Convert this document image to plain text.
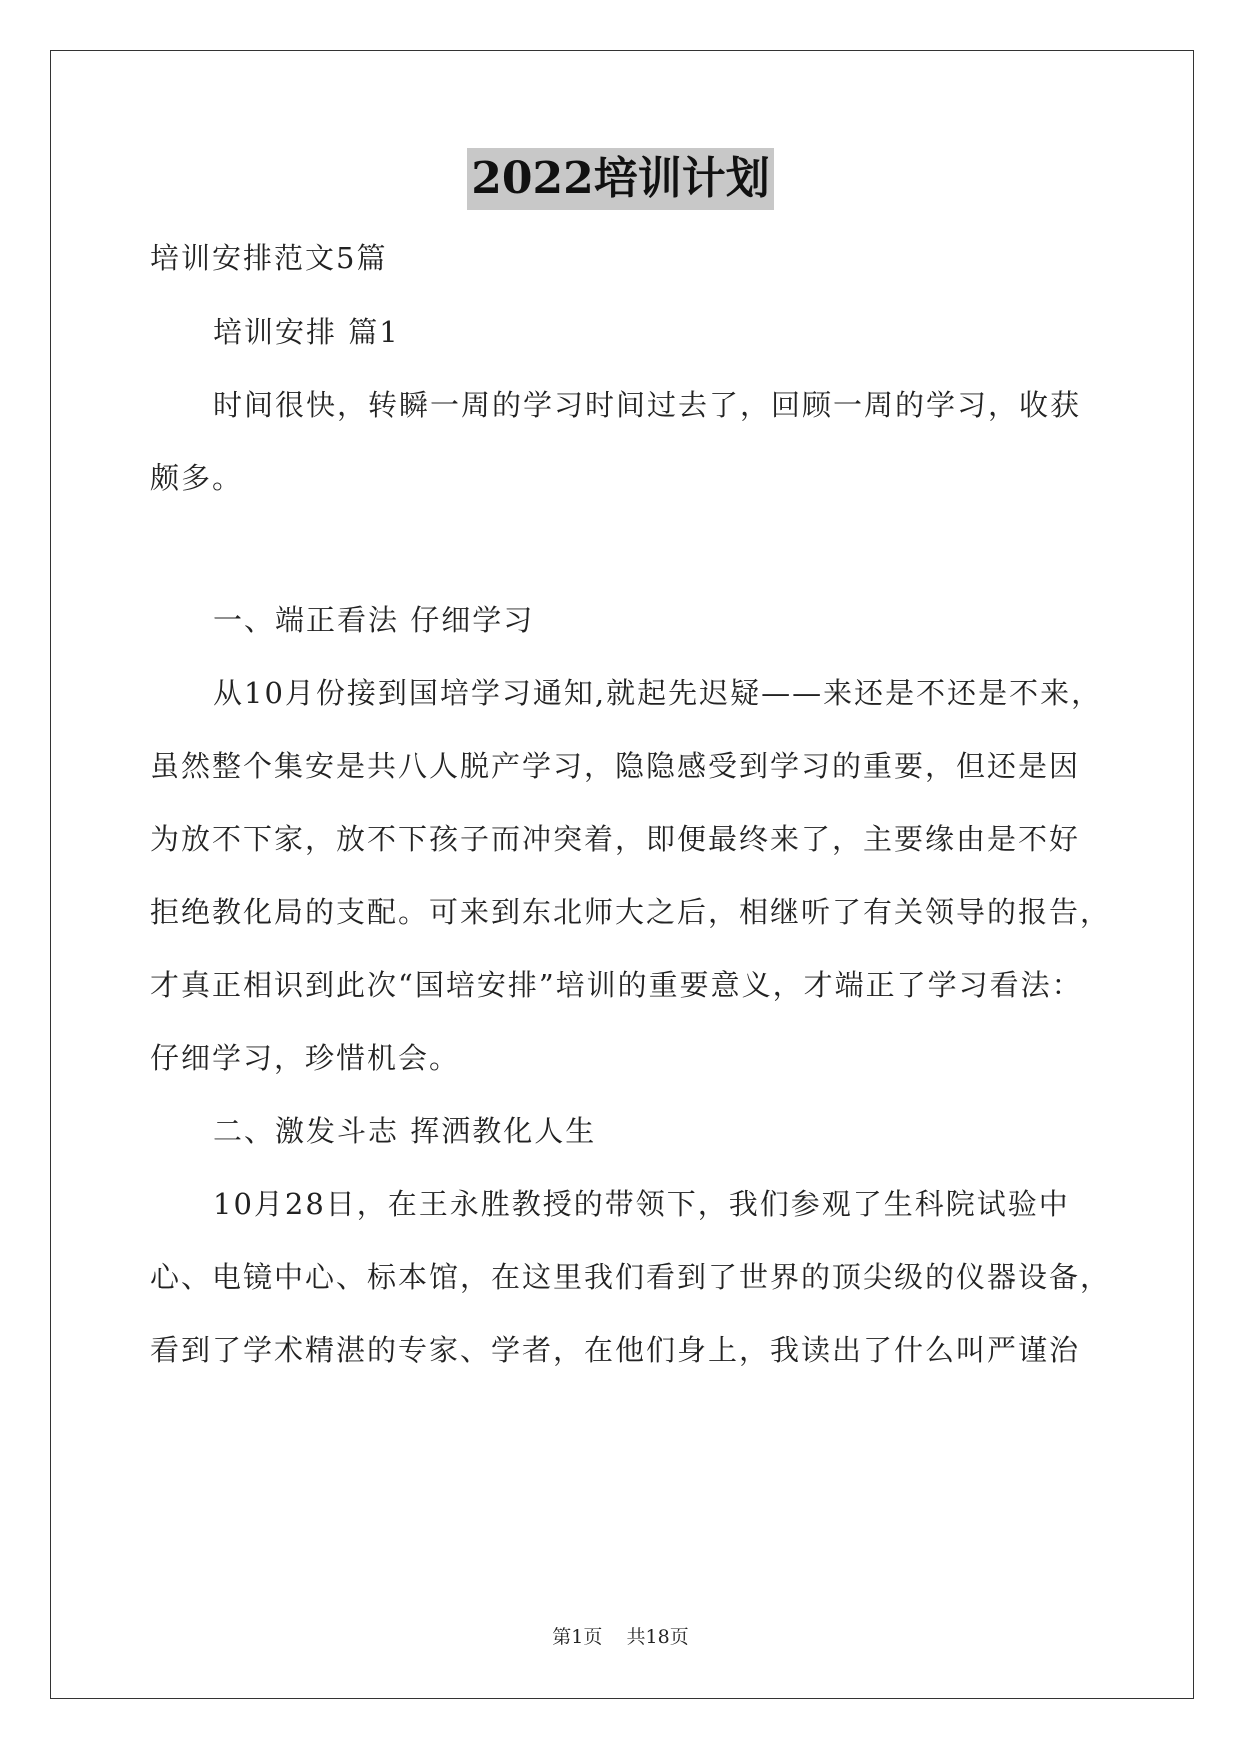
2022培训计划
培训安排范文5篇
培训安排 篇1
时间很快，转瞬一周的学习时间过去了，回顾一周的学习，收获
颇多。
一、端正看法 仔细学习
从10月份接到国培学习通知,就起先迟疑——来还是不还是不来，
虽然整个集安是共八人脱产学习，隐隐感受到学习的重要，但还是因
为放不下家，放不下孩子而冲突着，即便最终来了，主要缘由是不好
拒绝教化局的支配。可来到东北师大之后，相继听了有关领导的报告，
才真正相识到此次“国培安排”培训的重要意义，才端正了学习看法：
仔细学习，珍惜机会。
二、激发斗志 挥洒教化人生
10月28日，在王永胜教授的带领下，我们参观了生科院试验中
心、电镜中心、标本馆，在这里我们看到了世界的顶尖级的仪器设备，
看到了学术精湛的专家、学者，在他们身上，我读出了什么叫严谨治
第1页 共18页
